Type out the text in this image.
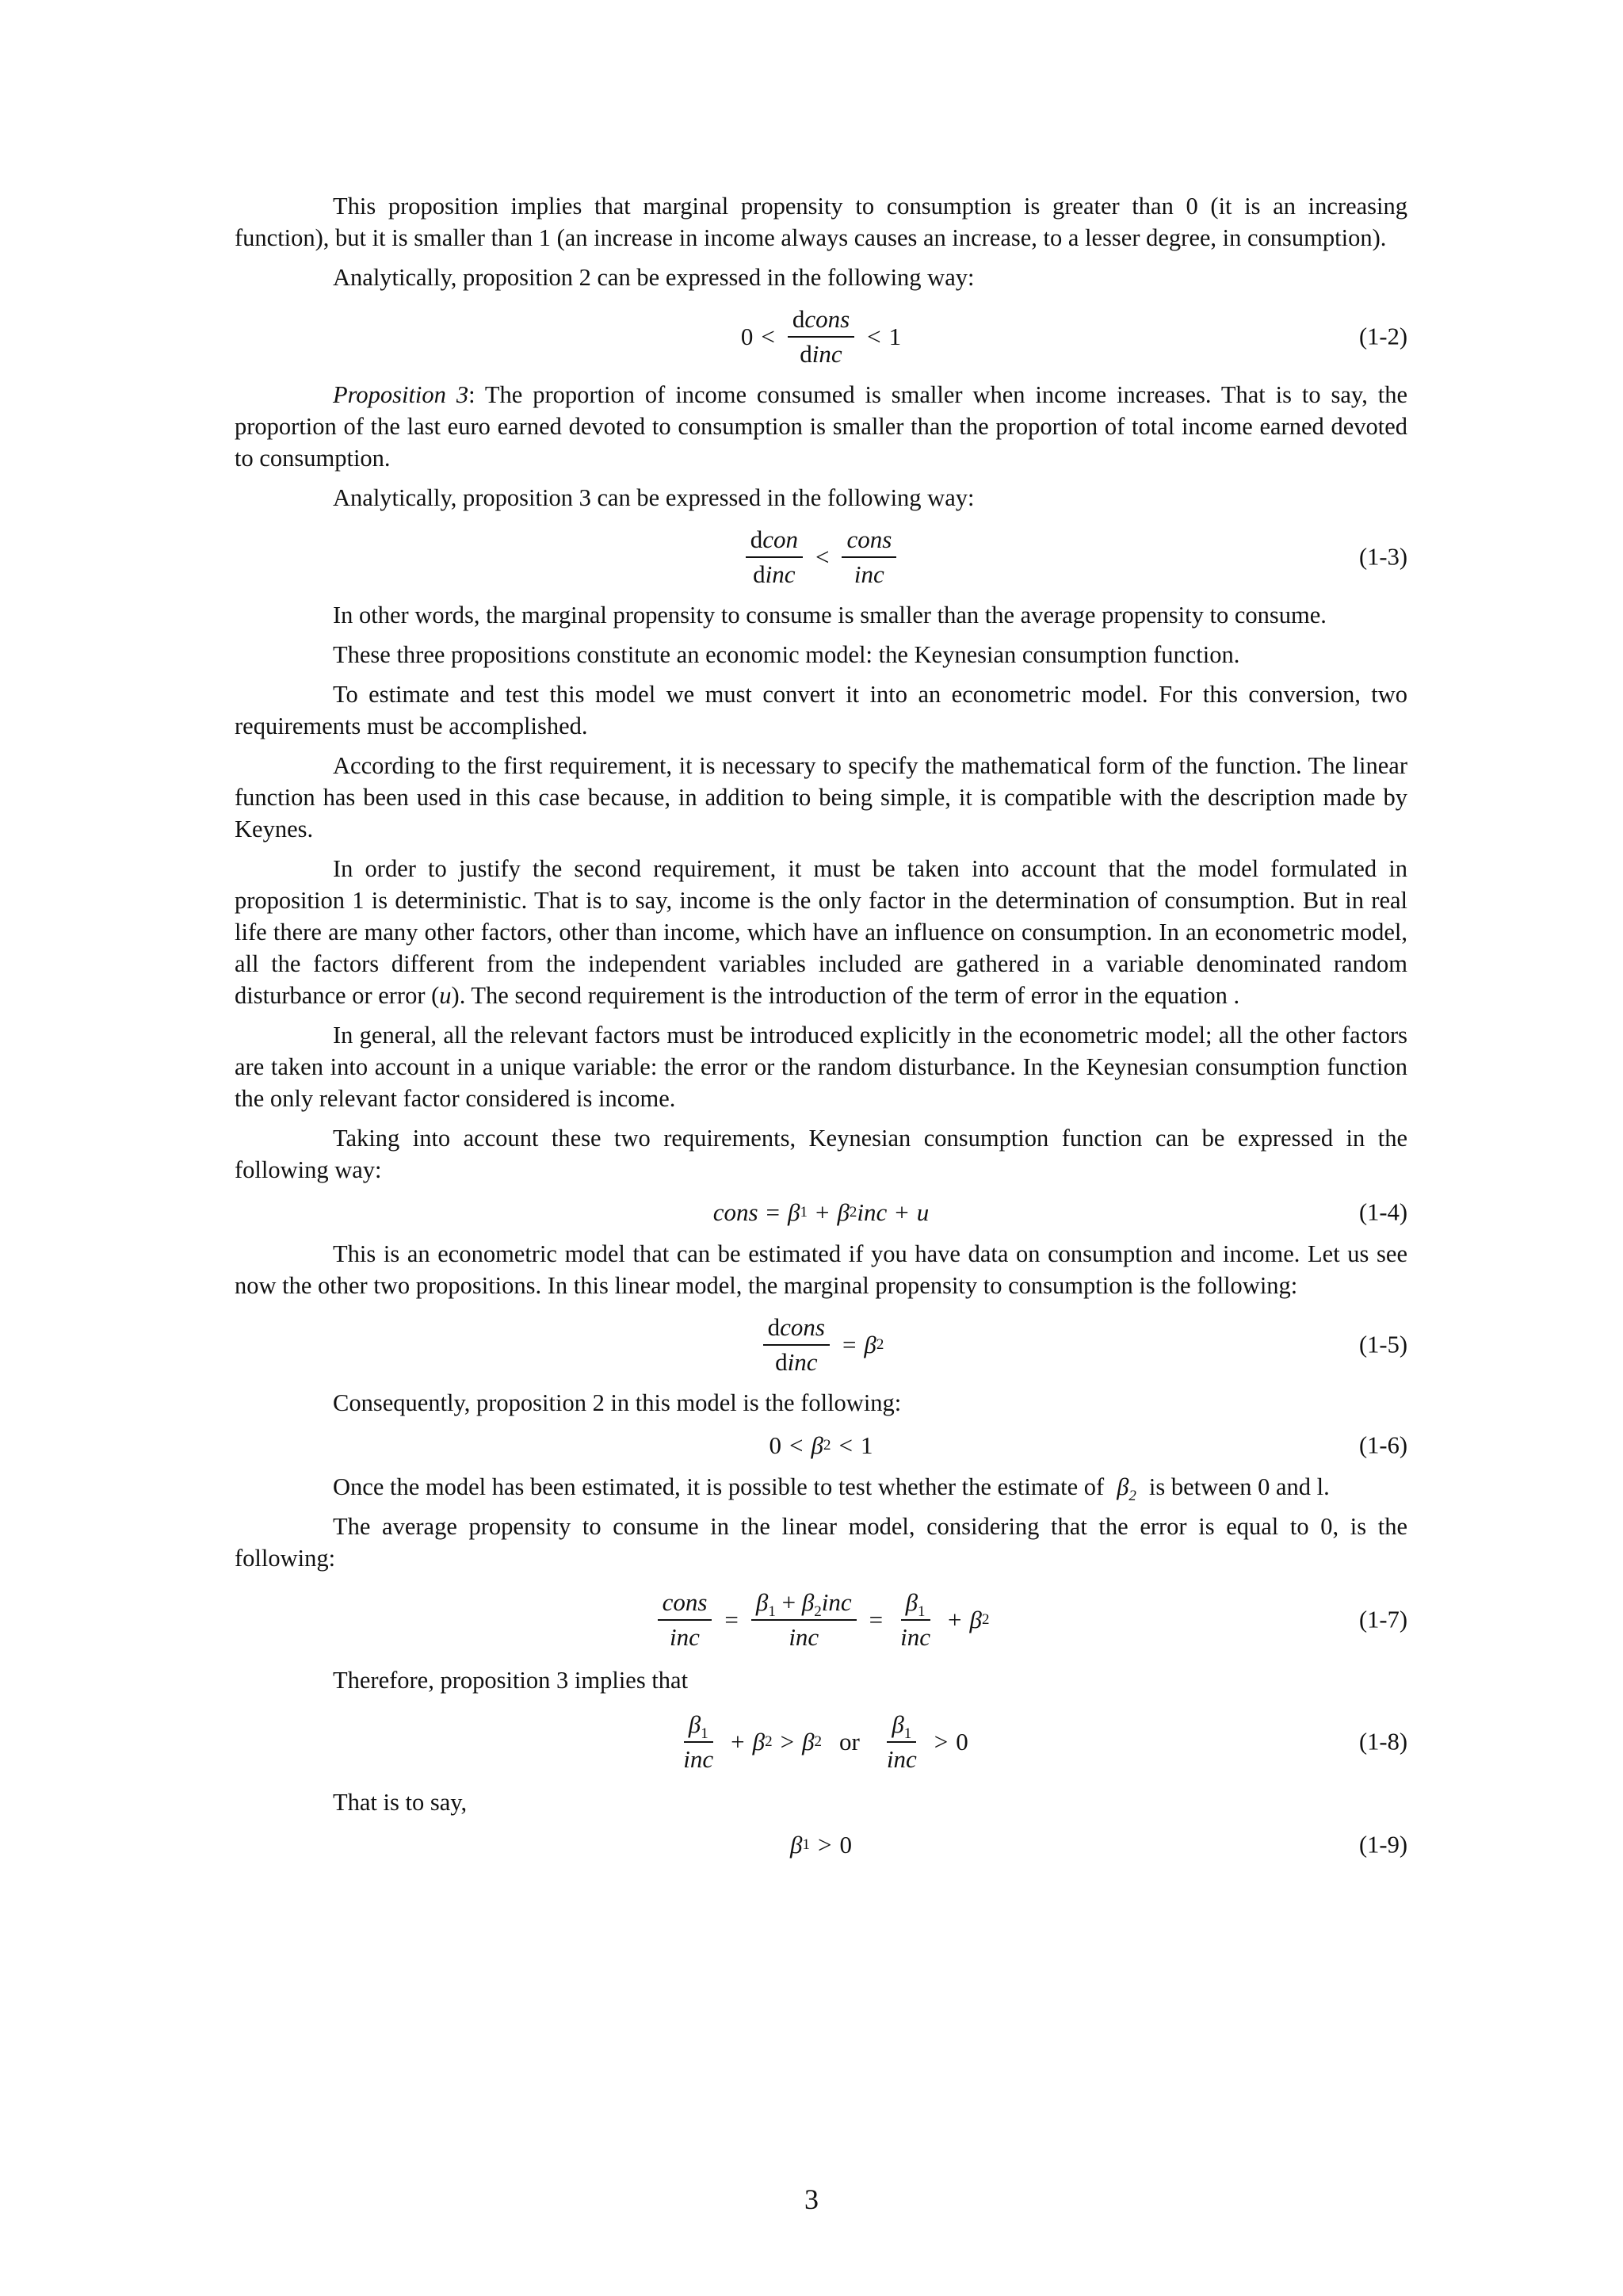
This proposition implies that marginal propensity to consumption is greater than 0 (it is an increasing function), but it is smaller than 1 (an increase in income always causes an increase, to a lesser degree, in consumption).

Analytically, proposition 2 can be expressed in the following way:

$0 < \frac{\text{dcons}}{\text{dinc}} < 1$	(1-2)

Proposition 3: The proportion of income consumed is smaller when income increases. That is to say, the proportion of the last euro earned devoted to consumption is smaller than the proportion of total income earned devoted to consumption.

Analytically, proposition 3 can be expressed in the following way:

$\frac{\text{dcon}}{\text{dinc}} < \frac{\text{cons}}{\text{inc}}$	(1-3)

In other words, the marginal propensity to consume is smaller than the average propensity to consume.

These three propositions constitute an economic model: the Keynesian consumption function.

To estimate and test this model we must convert it into an econometric model. For this conversion, two requirements must be accomplished.

According to the first requirement, it is necessary to specify the mathematical form of the function. The linear function has been used in this case because, in addition to being simple, it is compatible with the description made by Keynes.

In order to justify the second requirement, it must be taken into account that the model formulated in proposition 1 is deterministic. That is to say, income is the only factor in the determination of consumption. But in real life there are many other factors, other than income, which have an influence on consumption. In an econometric model, all the factors different from the independent variables included are gathered in a variable denominated random disturbance or error (u). The second requirement is the introduction of the term of error in the equation .

In general, all the relevant factors must be introduced explicitly in the econometric model; all the other factors are taken into account in a unique variable: the error or the random disturbance. In the Keynesian consumption function the only relevant factor considered is income.

Taking into account these two requirements, Keynesian consumption function can be expressed in the following way:

cons = β 1 + β 2 inc + u	(1-4)

This is an econometric model that can be estimated if you have data on consumption and income. Let us see now the other two propositions. In this linear model, the marginal propensity to consumption is the following:

$\frac{\text{dcons}}{\text{dinc}} = \beta$ 2	(1-5)

Consequently, proposition 2 in this model is the following:

0 < β 2 < 1	(1-6)

Once the model has been estimated, it is possible to test whether the estimate of $\beta_2$ is between 0 and l.

The average propensity to consume in the linear model, considering that the error is equal to 0, is the following:

$\frac{\text{cons}}{\text{inc}} = \frac{\beta_1 + \beta_2inc}{\text{inc}} = \frac{\beta_1}{\text{inc}} + \beta$ 2	(1-7)

Therefore, proposition 3 implies that

$\frac{\beta_1}{\text{inc}} + \beta$ 2 > β 2 or $\frac{\beta_1}{\text{inc}} > 0$	(1-8)

That is to say,

β 1 > 0	(1-9)
3
